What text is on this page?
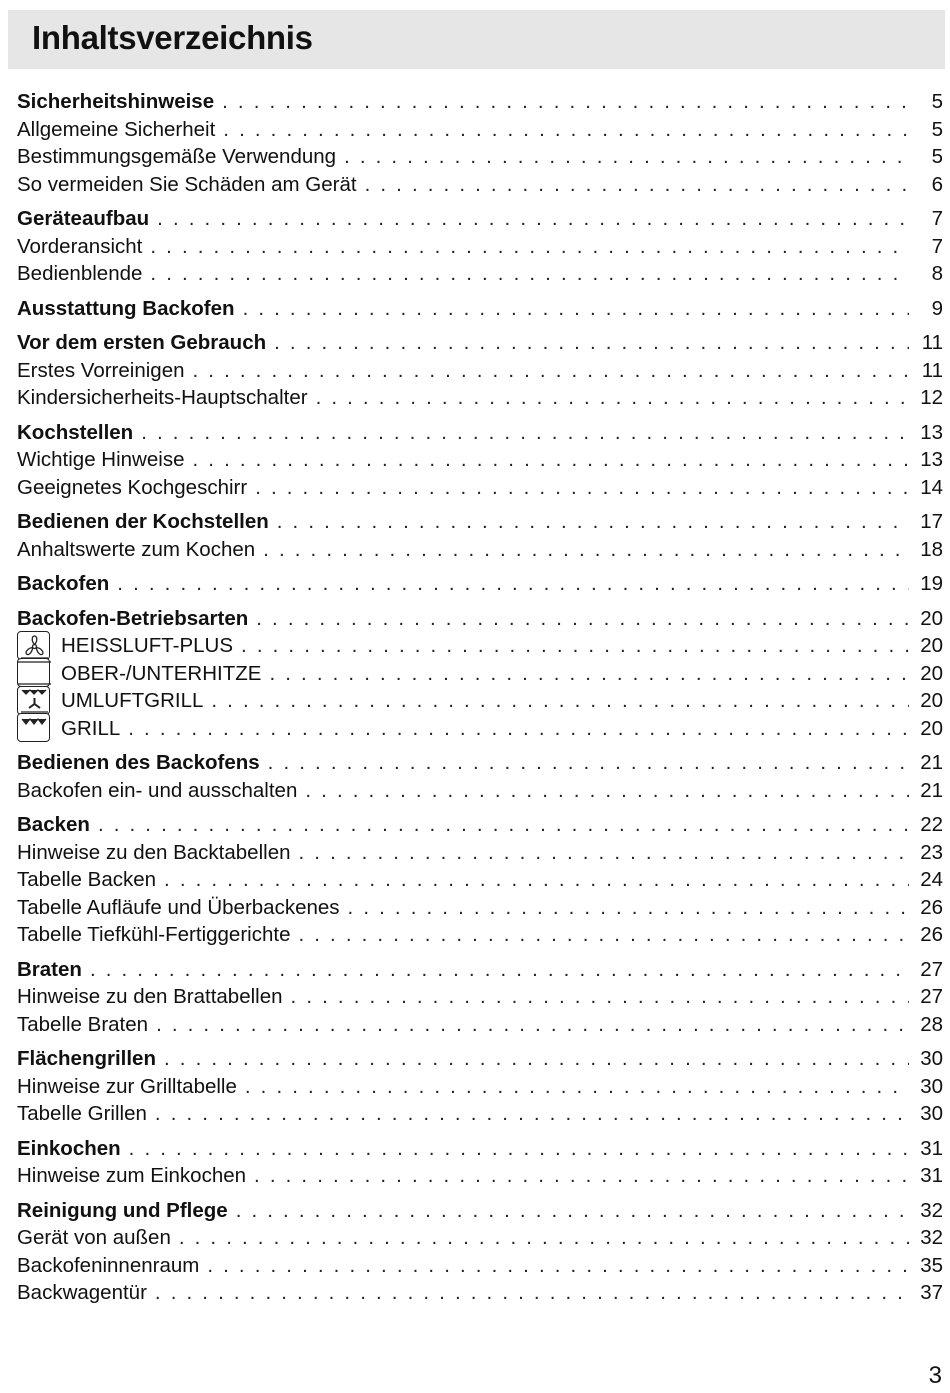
Inhaltsverzeichnis
Sicherheitshinweise . . .	5
Allgemeine Sicherheit . . .	5
Bestimmungsgemäße Verwendung . . .	5
So vermeiden Sie Schäden am Gerät . . .	6
Geräteaufbau . . .	7
Vorderansicht . . .	7
Bedienblende . . .	8
Ausstattung Backofen . . .	9
Vor dem ersten Gebrauch . . .	11
Erstes Vorreinigen . . .	11
Kindersicherheits-Hauptschalter . . .	12
Kochstellen . . .	13
Wichtige Hinweise . . .	13
Geeignetes Kochgeschirr . . .	14
Bedienen der Kochstellen . . .	17
Anhaltswerte zum Kochen . . .	18
Backofen . . .	19
Backofen-Betriebsarten . . .	20
HEISSLUFT-PLUS . . .	20
OBER-/UNTERHITZE . . .	20
UMLUFTGRILL . . .	20
GRILL . . .	20
Bedienen des Backofens . . .	21
Backofen ein- und ausschalten . . .	21
Backen . . .	22
Hinweise zu den Backtabellen . . .	23
Tabelle Backen . . .	24
Tabelle Aufläufe und Überbackenes . . .	26
Tabelle Tiefkühl-Fertiggerichte . . .	26
Braten . . .	27
Hinweise zu den Brattabellen . . .	27
Tabelle Braten . . .	28
Flächengrillen . . .	30
Hinweise zur Grilltabelle . . .	30
Tabelle Grillen . . .	30
Einkochen . . .	31
Hinweise zum Einkochen . . .	31
Reinigung und Pflege . . .	32
Gerät von außen . . .	32
Backofeninnenraum . . .	35
Backwagentür . . .	37
3
